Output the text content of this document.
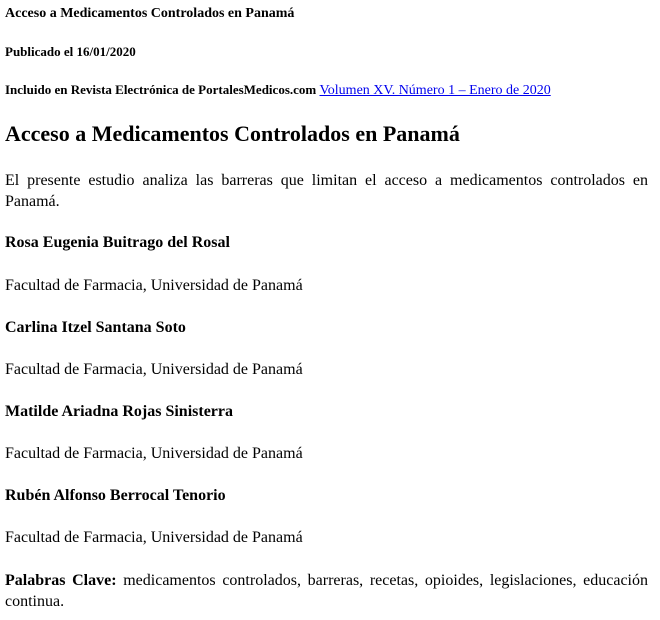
Acceso a Medicamentos Controlados en Panamá
Publicado el 16/01/2020
Incluido en Revista Electrónica de PortalesMedicos.com Volumen XV. Número 1 – Enero de 2020
Acceso a Medicamentos Controlados en Panamá
El presente estudio analiza las barreras que limitan el acceso a medicamentos controlados en Panamá.
Rosa Eugenia Buitrago del Rosal
Facultad de Farmacia, Universidad de Panamá
Carlina Itzel Santana Soto
Facultad de Farmacia, Universidad de Panamá
Matilde Ariadna Rojas Sinisterra
Facultad de Farmacia, Universidad de Panamá
Rubén Alfonso Berrocal Tenorio
Facultad de Farmacia, Universidad de Panamá
Palabras Clave: medicamentos controlados, barreras, recetas, opioides, legislaciones, educación continua.
